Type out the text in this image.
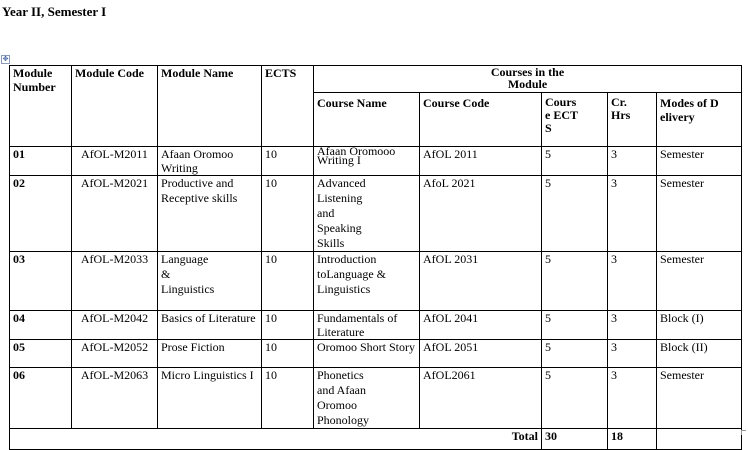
Year II, Semester I
✥
Module Number	Module Code	Module Name	ECTS	Courses in the Module				
				Course Name	Course Code	Course ECTS	Cr. Hrs	Modes of Delivery

01	AfOL-M2011	Afaan Oromoo Writing	10	Afaan Oromooo Writing I	AfOL 2011	5	3	Semester
02	AfOL-M2021	Productive and Receptive skills	10	Advanced Listening and Speaking Skills	AfoL 2021	5	3	Semester
03	AfOL-M2033	Language & Linguistics	10	Introduction toLanguage & Linguistics	AfOL 2031	5	3	Semester
04	AfOL-M2042	Basics of Literature	10	Fundamentals of Literature	AfOL 2041	5	3	Block (I)
05	AfOL-M2052	Prose Fiction	10	Oromoo Short Story	AfOL 2051	5	3	Block (II)
06	AfOL-M2063	Micro Linguistics I	10	Phonetics and Afaan Oromoo Phonology	AfOL2061	5	3	Semester
Total						30	18	
